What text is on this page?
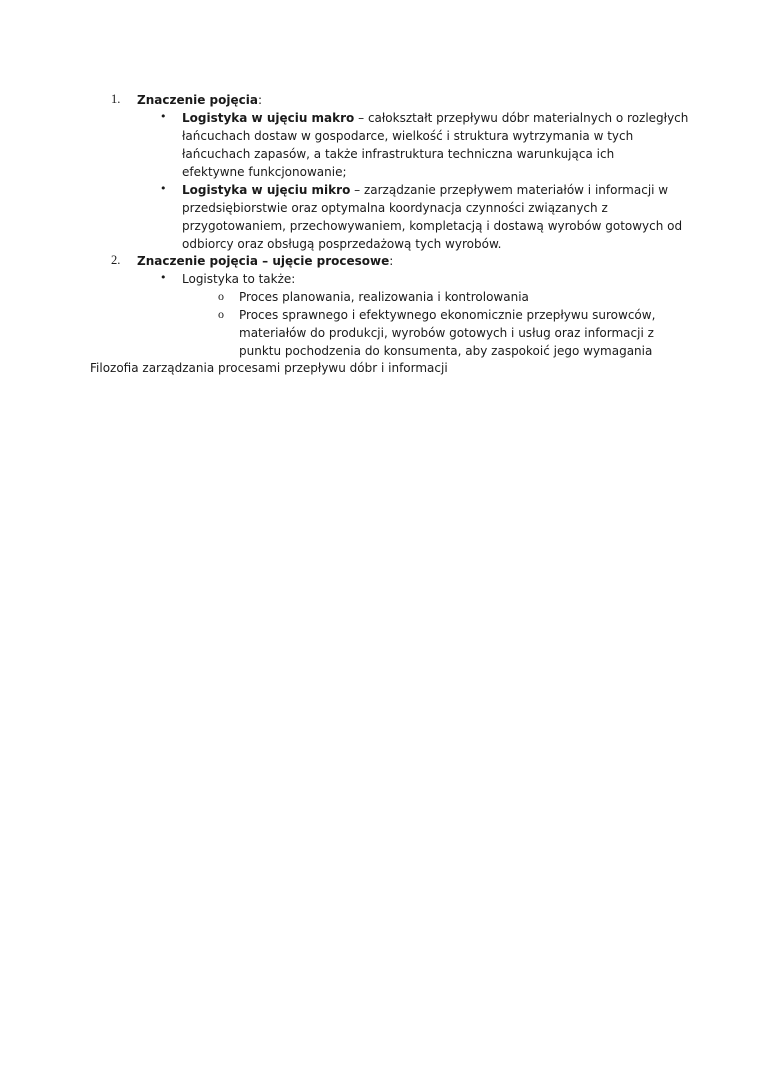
1. Znaczenie pojęcia:
• Logistyka w ujęciu makro – całokształt przepływu dóbr materialnych o rozległych
łańcuchach dostaw w gospodarce, wielkość i struktura wytrzymania w tych
łańcuchach zapasów, a także infrastruktura techniczna warunkująca ich
efektywne funkcjonowanie;
• Logistyka w ujęciu mikro – zarządzanie przepływem materiałów i informacji w
przedsiębiorstwie oraz optymalna koordynacja czynności związanych z
przygotowaniem, przechowywaniem, kompletacją i dostawą wyrobów gotowych od
odbiorcy oraz obsługą posprzedażową tych wyrobów.
2. Znaczenie pojęcia – ujęcie procesowe:
• Logistyka to także:
o Proces planowania, realizowania i kontrolowania
o Proces sprawnego i efektywnego ekonomicznie przepływu surowców,
materiałów do produkcji, wyrobów gotowych i usług oraz informacji z
punktu pochodzenia do konsumenta, aby zaspokoić jego wymagania
Filozofia zarządzania procesami przepływu dóbr i informacji
